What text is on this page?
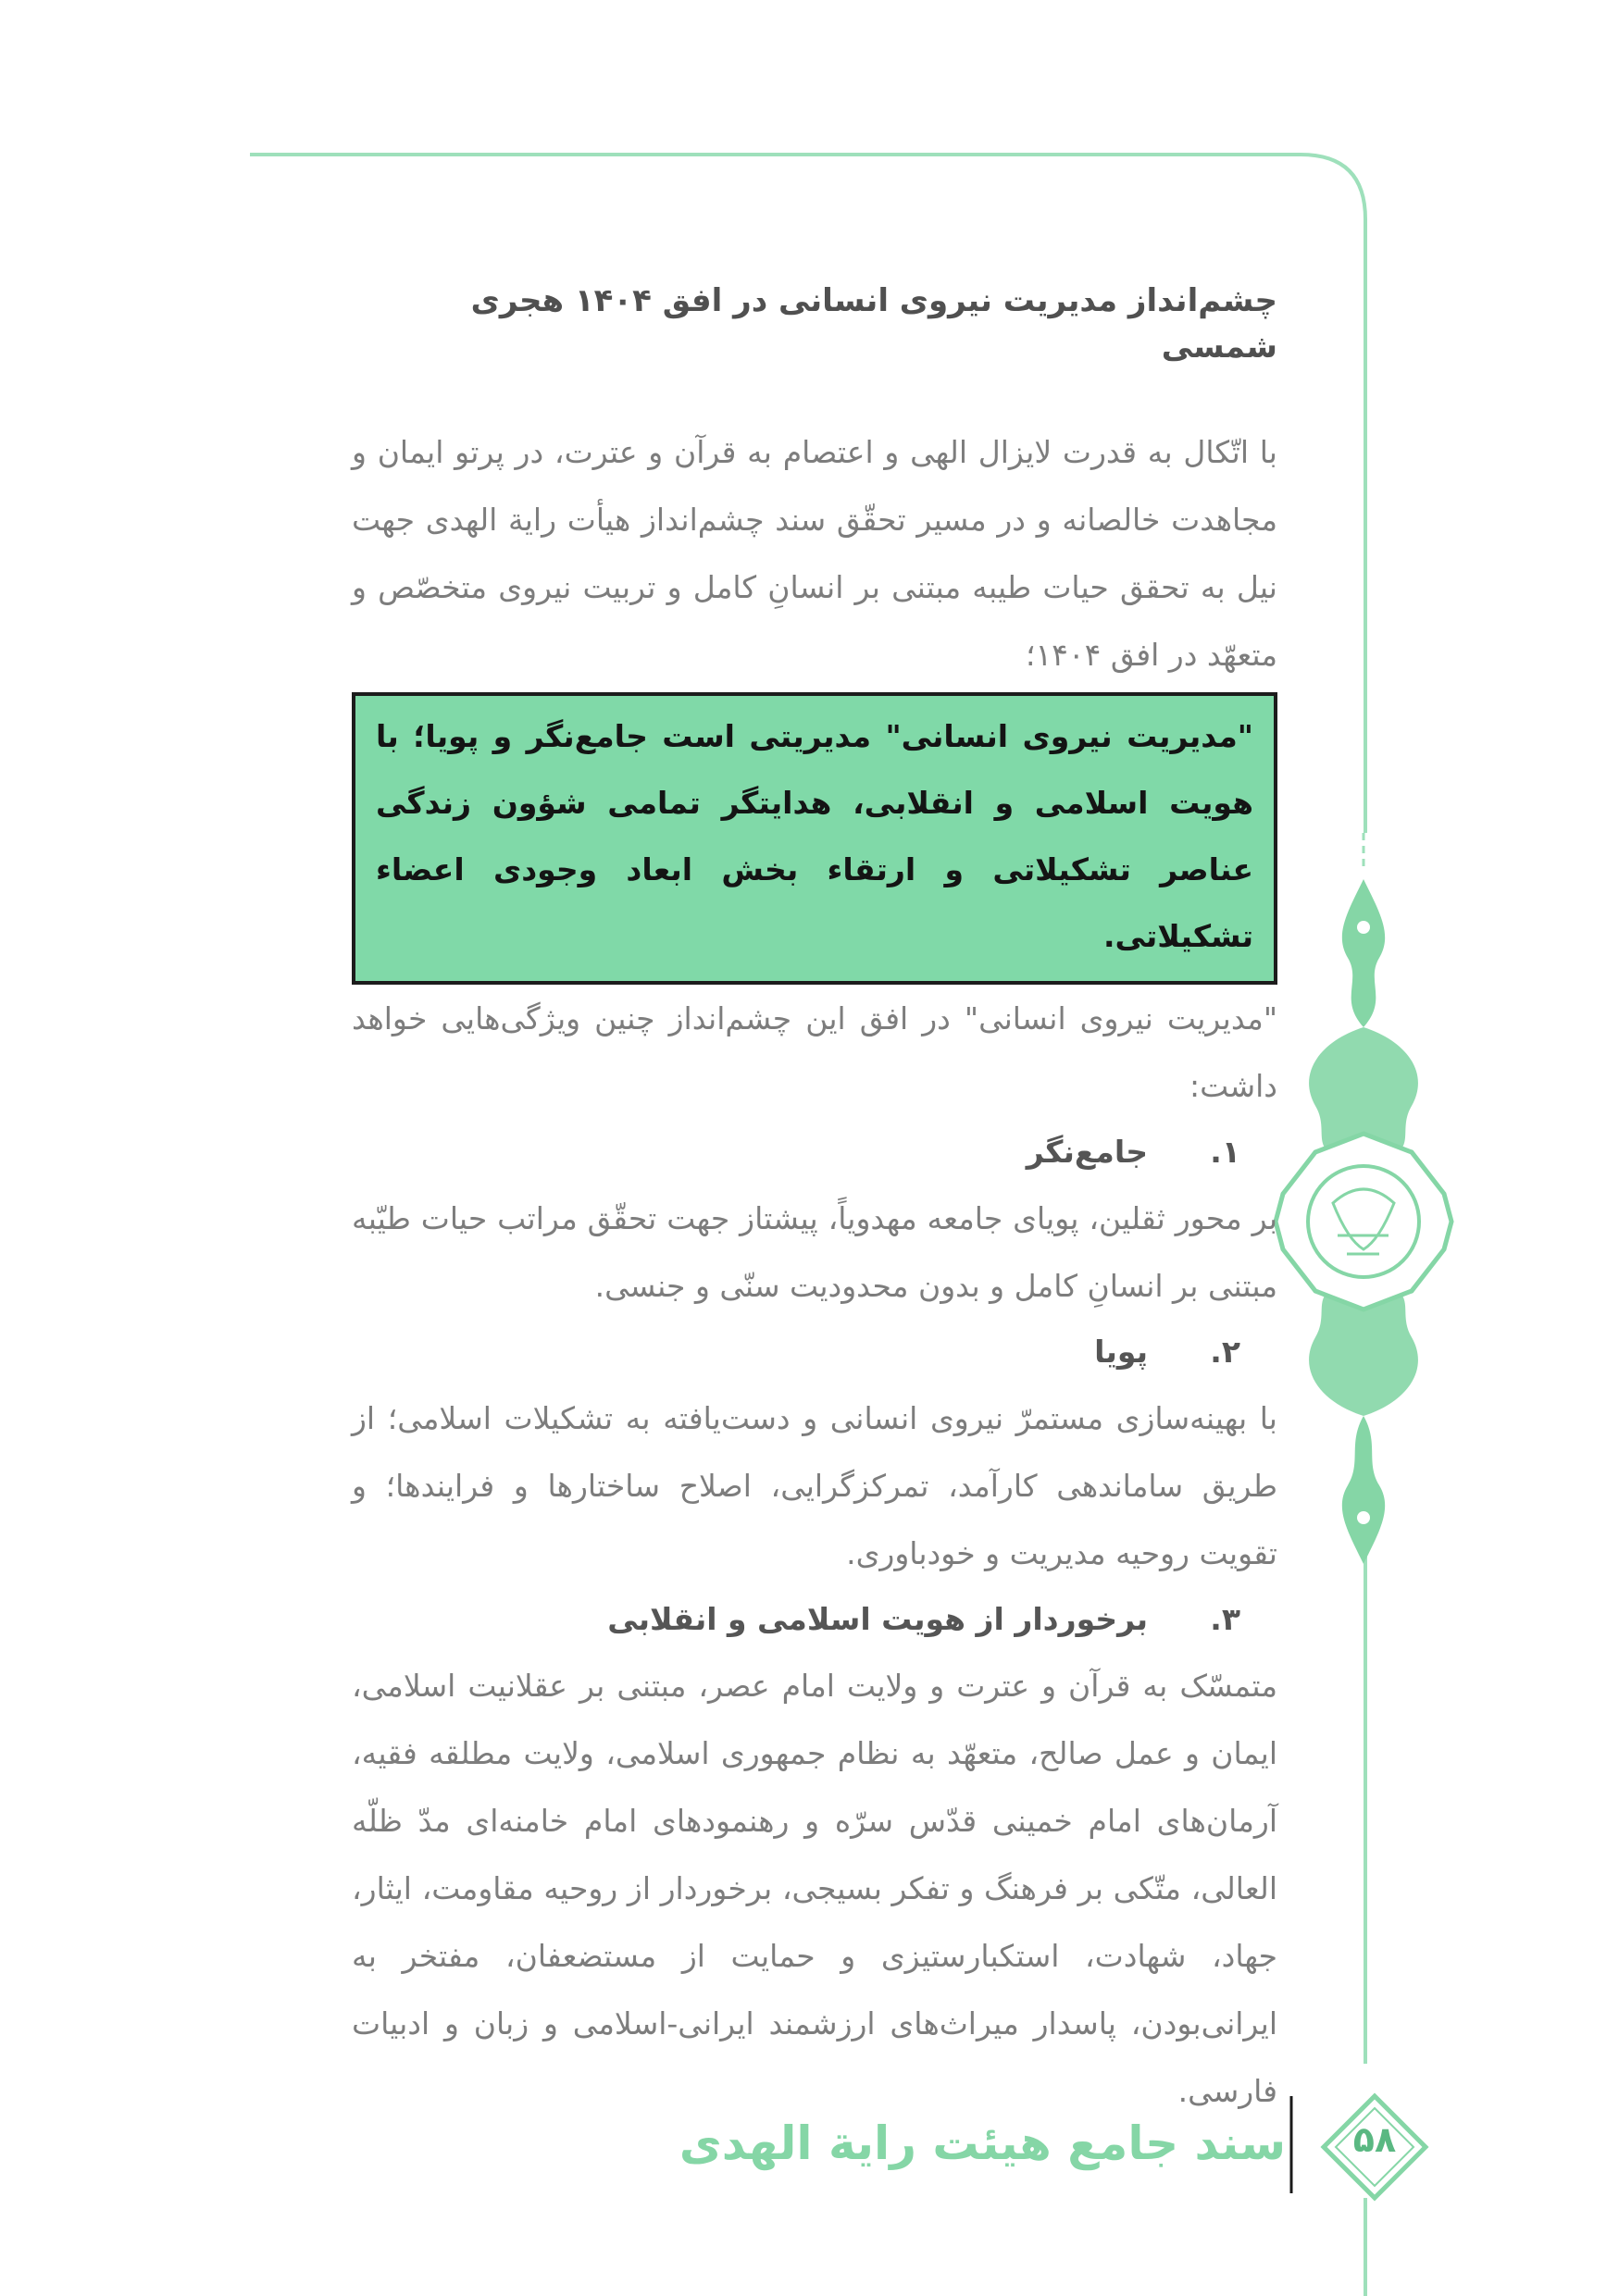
چشم‌انداز مدیریت نیروی انسانی در افق ۱۴۰۴ هجری شمسی

با اتّکال به قدرت لایزال الهی و اعتصام به قرآن و عترت، در پرتو ایمان و مجاهدت خالصانه و در مسیر تحقّق سند چشم‌انداز هیأت رایة الهدی جهت نیل به تحقق حیات طیبه مبتنی بر انسانِ کامل و تربیت نیروی متخصّص و متعهّد در افق ۱۴۰۴؛

"مدیریت نیروی انسانی" مدیریتی است جامع‌نگر و پویا؛ با هویت اسلامی و انقلابی، هدایتگر تمامی شؤون زندگی عناصر تشکیلاتی و ارتقاء بخش ابعاد وجودی اعضاء تشکیلاتی.

"مدیریت نیروی انسانی" در افق این چشم‌انداز چنین ویژگی‌هایی خواهد داشت:

۱.
جامع‌نگر

بر محور ثقلین، پویای جامعه مهدویاً، پیشتاز جهت تحقّق مراتب حیات طیّبه مبتنی بر انسانِ کامل و بدون محدودیت سنّی و جنسی.

۲.
پویا

با بهینه‌سازی مستمرّ نیروی انسانی و دست‌یافته به تشکیلات اسلامی؛ از طریق ساماندهی کارآمد، تمرکزگرایی، اصلاح ساختارها و فرایندها؛ و تقویت روحیه مدیریت و خودباوری.

۳.
برخوردار از هویت اسلامی و انقلابی

متمسّک به قرآن و عترت و ولایت امام عصر، مبتنی بر عقلانیت اسلامی، ایمان و عمل صالح، متعهّد به نظام جمهوری اسلامی، ولایت مطلقه فقیه، آرمان‌های امام خمینی قدّس سرّه و رهنمودهای امام خامنه‌ای مدّ ظلّه العالی، متّکی بر فرهنگ و تفکر بسیجی، برخوردار از روحیه مقاومت، ایثار، جهاد، شهادت، استکبارستیزی و حمایت از مستضعفان، مفتخر به ایرانی‌بودن، پاسدار میراث‌های ارزشمند ایرانی-اسلامی و زبان و ادبیات فارسی.

سند جامع هیئت رایة الهدی	۵۸
